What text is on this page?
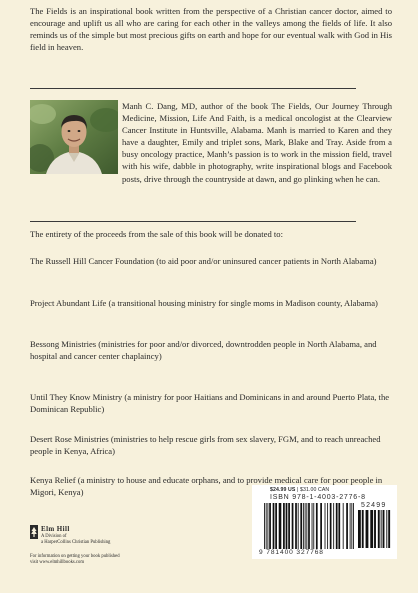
The Fields is an inspirational book written from the perspective of a Christian cancer doctor, aimed to encourage and uplift us all who are caring for each other in the valleys among the fields of life. It also reminds us of the simple but most precious gifts on earth and hope for our eventual walk with God in His field in heaven.

Manh C. Dang, MD, author of the book The Fields, Our Journey Through Medicine, Mission, Life And Faith, is a medical oncologist at the Clearview Cancer Institute in Huntsville, Alabama. Manh is married to Karen and they have a daughter, Emily and triplet sons, Mark, Blake and Tray. Aside from a busy oncology practice, Manh’s passion is to work in the mission field, travel with his wife, dabble in photography, write inspirational blogs and Facebook posts, drive through the countryside at dawn, and go plinking when he can.

The entirety of the proceeds from the sale of this book will be donated to:

The Russell Hill Cancer Foundation (to aid poor and/or uninsured cancer patients in North Alabama)

Project Abundant Life (a transitional housing ministry for single moms in Madison county, Alabama)

Bessong Ministries (ministries for poor and/or divorced, downtrodden people in North Alabama, and hospital and cancer center chaplaincy)

Until They Know Ministry (a ministry for poor Haitians and Dominicans in and around Puerto Plata, the Dominican Republic)

Desert Rose Ministries (ministries to help rescue girls from sex slavery, FGM, and to reach unreached people in Kenya, Africa)

Kenya Relief (a ministry to house and educate orphans, and to provide medical care for poor people in Migori, Kenya)

Elm Hill
A Division of
a HarperCollins Christian Publishing
For information on getting your book published
visit www.elmhillbooks.com
$24.99 US | $31.00 CAN
ISBN 978-1-4003-2776-8
52499
9 781400 327768
